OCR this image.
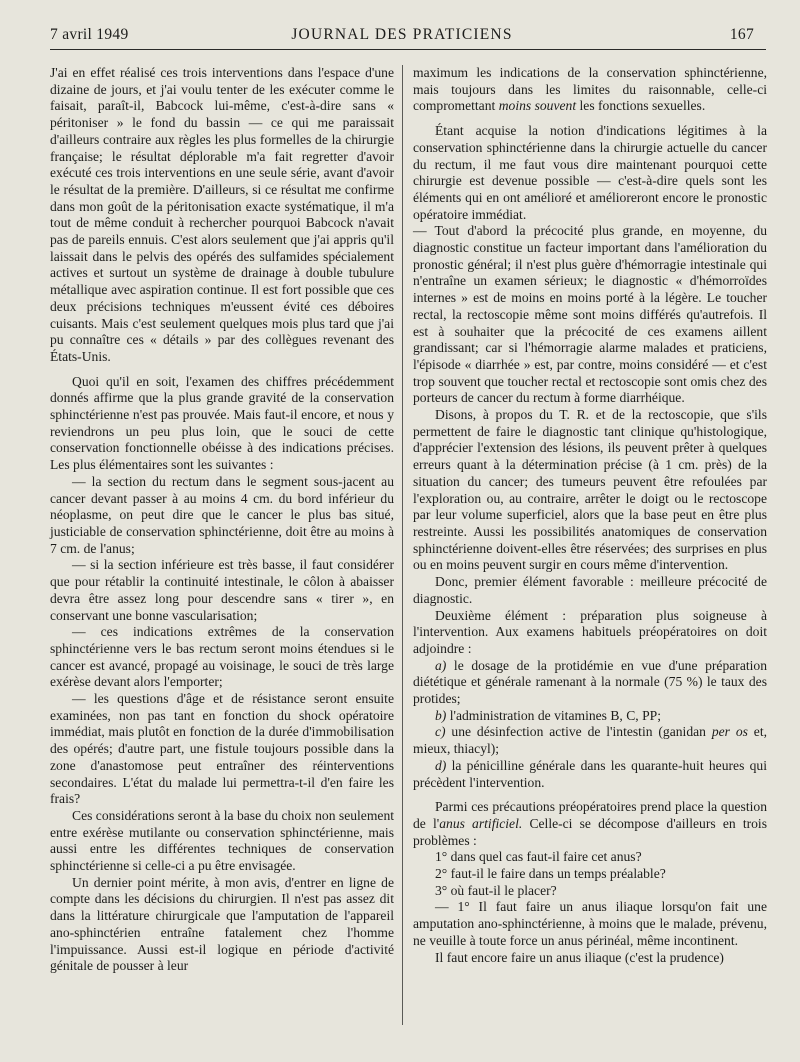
7 avril 1949	JOURNAL DES PRATICIENS	167

J'ai en effet réalisé ces trois interventions dans l'espace d'une dizaine de jours, et j'ai voulu tenter de les exécuter comme le faisait, paraît-il, Babcock lui-même, c'est-à-dire sans « péritoniser » le fond du bassin — ce qui me paraissait d'ailleurs contraire aux règles les plus formelles de la chirurgie française; le résultat déplorable m'a fait regretter d'avoir exécuté ces trois interventions en une seule série, avant d'avoir le résultat de la première. D'ailleurs, si ce résultat me confirme dans mon goût de la péritonisation exacte systématique, il m'a tout de même conduit à rechercher pourquoi Babcock n'avait pas de pareils ennuis. C'est alors seulement que j'ai appris qu'il laissait dans le pelvis des opérés des sulfamides spécialement actives et surtout un système de drainage à double tubulure métallique avec aspiration continue. Il est fort possible que ces deux précisions techniques m'eussent évité ces déboires cuisants. Mais c'est seulement quelques mois plus tard que j'ai pu connaître ces « détails » par des collègues revenant des États-Unis.

Quoi qu'il en soit, l'examen des chiffres précédemment donnés affirme que la plus grande gravité de la conservation sphinctérienne n'est pas prouvée. Mais faut-il encore, et nous y reviendrons un peu plus loin, que le souci de cette conservation fonctionnelle obéisse à des indications précises. Les plus élémentaires sont les suivantes :

— la section du rectum dans le segment sous-jacent au cancer devant passer à au moins 4 cm. du bord inférieur du néoplasme, on peut dire que le cancer le plus bas situé, justiciable de conservation sphinctérienne, doit être au moins à 7 cm. de l'anus;

— si la section inférieure est très basse, il faut considérer que pour rétablir la continuité intestinale, le côlon à abaisser devra être assez long pour descendre sans « tirer », en conservant une bonne vascularisation;

— ces indications extrêmes de la conservation sphinctérienne vers le bas rectum seront moins étendues si le cancer est avancé, propagé au voisinage, le souci de très large exérèse devant alors l'emporter;

— les questions d'âge et de résistance seront ensuite examinées, non pas tant en fonction du shock opératoire immédiat, mais plutôt en fonction de la durée d'immobilisation des opérés; d'autre part, une fistule toujours possible dans la zone d'anastomose peut entraîner des réinterventions secondaires. L'état du malade lui permettra-t-il d'en faire les frais?

Ces considérations seront à la base du choix non seulement entre exérèse mutilante ou conservation sphinctérienne, mais aussi entre les différentes techniques de conservation sphinctérienne si celle-ci a pu être envisagée.

Un dernier point mérite, à mon avis, d'entrer en ligne de compte dans les décisions du chirurgien. Il n'est pas assez dit dans la littérature chirurgicale que l'amputation de l'appareil ano-sphinctérien entraîne fatalement chez l'homme l'impuissance. Aussi est-il logique en période d'activité génitale de pousser à leur

maximum les indications de la conservation sphinctérienne, mais toujours dans les limites du raisonnable, celle-ci compromettant moins souvent les fonctions sexuelles.

Étant acquise la notion d'indications légitimes à la conservation sphinctérienne dans la chirurgie actuelle du cancer du rectum, il me faut vous dire maintenant pourquoi cette chirurgie est devenue possible — c'est-à-dire quels sont les éléments qui en ont amélioré et amélioreront encore le pronostic opératoire immédiat.

— Tout d'abord la précocité plus grande, en moyenne, du diagnostic constitue un facteur important dans l'amélioration du pronostic général; il n'est plus guère d'hémorragie intestinale qui n'entraîne un examen sérieux; le diagnostic « d'hémorroïdes internes » est de moins en moins porté à la légère. Le toucher rectal, la rectoscopie même sont moins différés qu'autrefois. Il est à souhaiter que la précocité de ces examens aillent grandissant; car si l'hémorragie alarme malades et praticiens, l'épisode « diarrhée » est, par contre, moins considéré — et c'est trop souvent que toucher rectal et rectoscopie sont omis chez des porteurs de cancer du rectum à forme diarrhéique.

Disons, à propos du T. R. et de la rectoscopie, que s'ils permettent de faire le diagnostic tant clinique qu'histologique, d'apprécier l'extension des lésions, ils peuvent prêter à quelques erreurs quant à la détermination précise (à 1 cm. près) de la situation du cancer; des tumeurs peuvent être refoulées par l'exploration ou, au contraire, arrêter le doigt ou le rectoscope par leur volume superficiel, alors que la base peut en être plus restreinte. Aussi les possibilités anatomiques de conservation sphinctérienne doivent-elles être réservées; des surprises en plus ou en moins peuvent surgir en cours même d'intervention.

Donc, premier élément favorable : meilleure précocité de diagnostic.

Deuxième élément : préparation plus soigneuse à l'intervention. Aux examens habituels préopératoires on doit adjoindre :

a) le dosage de la protidémie en vue d'une préparation diététique et générale ramenant à la normale (75 %) le taux des protides;

b) l'administration de vitamines B, C, PP;

c) une désinfection active de l'intestin (ganidan per os et, mieux, thiacyl);

d) la pénicilline générale dans les quarante-huit heures qui précèdent l'intervention.

Parmi ces précautions préopératoires prend place la question de l'anus artificiel. Celle-ci se décompose d'ailleurs en trois problèmes :

1° dans quel cas faut-il faire cet anus?

2° faut-il le faire dans un temps préalable?

3° où faut-il le placer?

— 1° Il faut faire un anus iliaque lorsqu'on fait une amputation ano-sphinctérienne, à moins que le malade, prévenu, ne veuille à toute force un anus périnéal, même incontinent.

Il faut encore faire un anus iliaque (c'est la prudence)
